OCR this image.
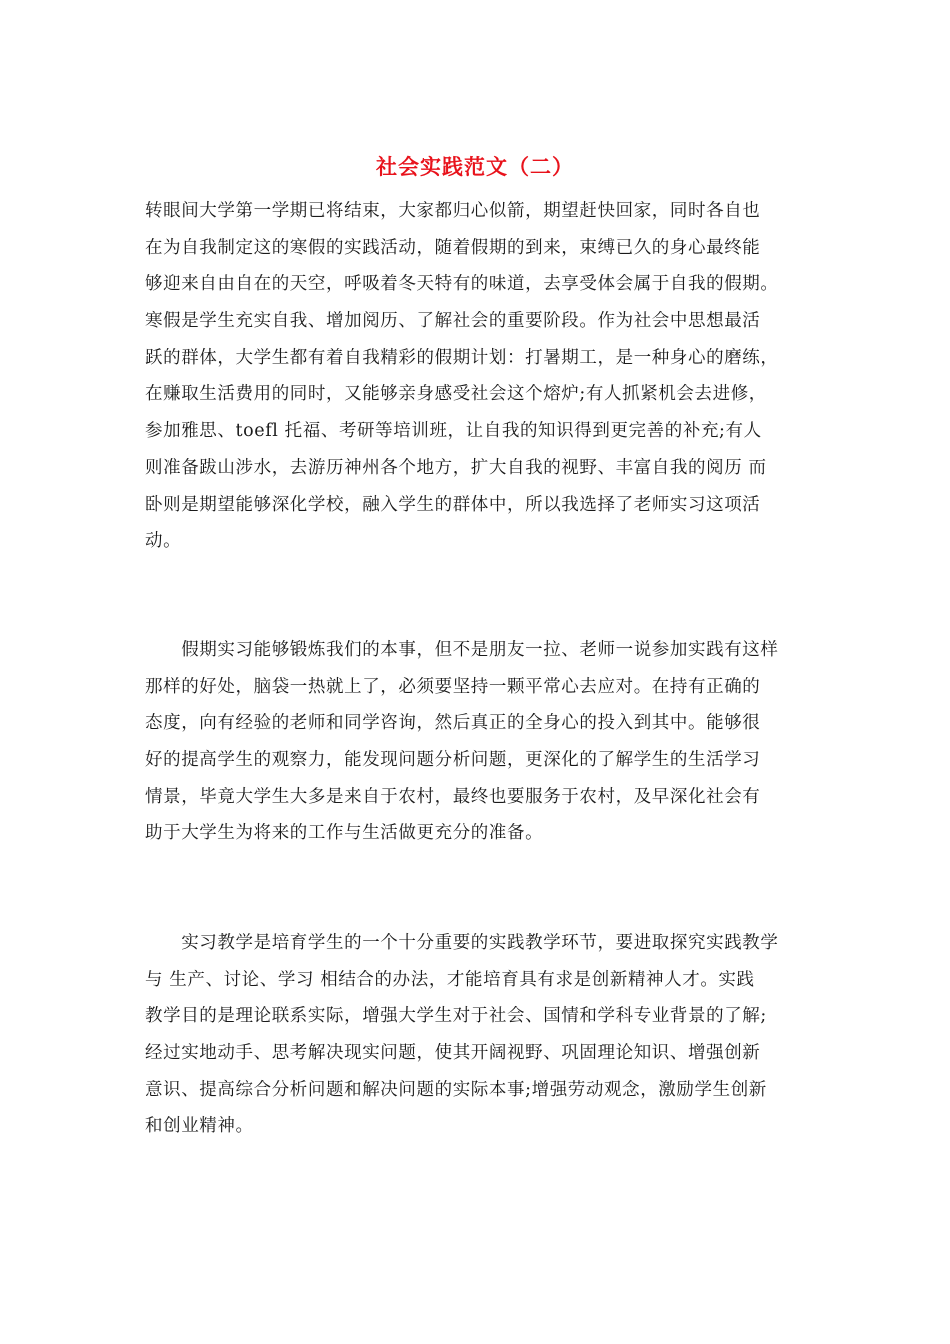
社会实践范文（二）
转眼间大学第一学期已将结束，大家都归心似箭，期望赶快回家，同时各自也
在为自我制定这的寒假的实践活动，随着假期的到来，束缚已久的身心最终能
够迎来自由自在的天空，呼吸着冬天特有的味道，去享受体会属于自我的假期。
寒假是学生充实自我、增加阅历、了解社会的重要阶段。作为社会中思想最活
跃的群体，大学生都有着自我精彩的假期计划：打暑期工，是一种身心的磨练，
在赚取生活费用的同时，又能够亲身感受社会这个熔炉;有人抓紧机会去进修，
参加雅思、toefl 托福、考研等培训班，让自我的知识得到更完善的补充;有人
则准备跋山涉水，去游历神州各个地方，扩大自我的视野、丰富自我的阅历 而
卧则是期望能够深化学校，融入学生的群体中，所以我选择了老师实习这项活
动。
　　假期实习能够锻炼我们的本事，但不是朋友一拉、老师一说参加实践有这样
那样的好处，脑袋一热就上了，必须要坚持一颗平常心去应对。在持有正确的
态度，向有经验的老师和同学咨询，然后真正的全身心的投入到其中。能够很
好的提高学生的观察力，能发现问题分析问题，更深化的了解学生的生活学习
情景，毕竟大学生大多是来自于农村，最终也要服务于农村，及早深化社会有
助于大学生为将来的工作与生活做更充分的准备。
　　实习教学是培育学生的一个十分重要的实践教学环节，要进取探究实践教学
与 生产、讨论、学习 相结合的办法，才能培育具有求是创新精神人才。实践
教学目的是理论联系实际，增强大学生对于社会、国情和学科专业背景的了解;
经过实地动手、思考解决现实问题，使其开阔视野、巩固理论知识、增强创新
意识、提高综合分析问题和解决问题的实际本事;增强劳动观念，激励学生创新
和创业精神。
